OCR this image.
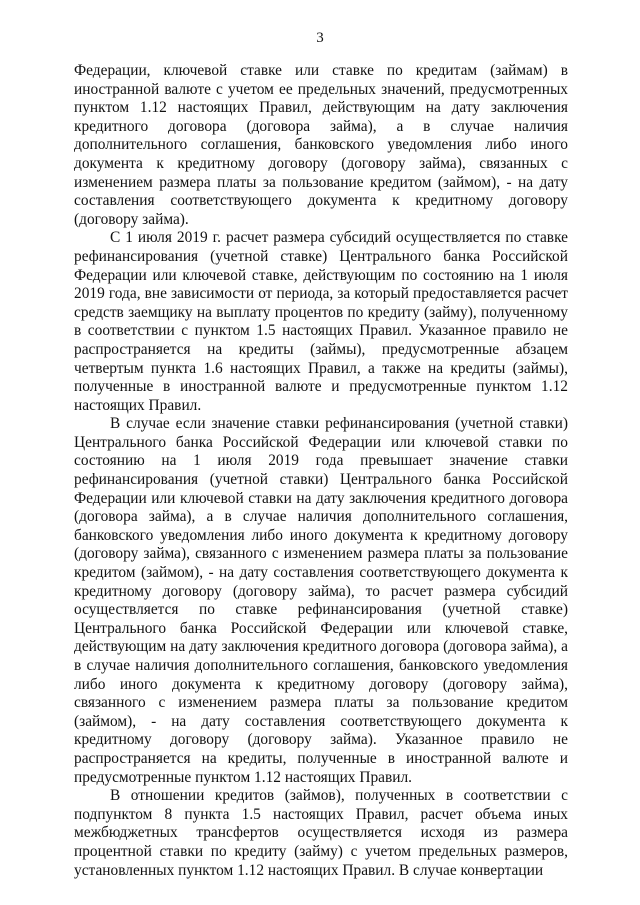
3

Федерации, ключевой ставке или ставке по кредитам (займам) в иностранной валюте с учетом ее предельных значений, предусмотренных пунктом 1.12 настоящих Правил, действующим на дату заключения кредитного договора (договора займа), а в случае наличия дополнительного соглашения, банковского уведомления либо иного документа к кредитному договору (договору займа), связанных с изменением размера платы за пользование кредитом (займом), - на дату составления соответствующего документа к кредитному договору (договору займа).

С 1 июля 2019 г. расчет размера субсидий осуществляется по ставке рефинансирования (учетной ставке) Центрального банка Российской Федерации или ключевой ставке, действующим по состоянию на 1 июля 2019 года, вне зависимости от периода, за который предоставляется расчет средств заемщику на выплату процентов по кредиту (займу), полученному в соответствии с пунктом 1.5 настоящих Правил. Указанное правило не распространяется на кредиты (займы), предусмотренные абзацем четвертым пункта 1.6 настоящих Правил, а также на кредиты (займы), полученные в иностранной валюте и предусмотренные пунктом 1.12 настоящих Правил.

В случае если значение ставки рефинансирования (учетной ставки) Центрального банка Российской Федерации или ключевой ставки по состоянию на 1 июля 2019 года превышает значение ставки рефинансирования (учетной ставки) Центрального банка Российской Федерации или ключевой ставки на дату заключения кредитного договора (договора займа), а в случае наличия дополнительного соглашения, банковского уведомления либо иного документа к кредитному договору (договору займа), связанного с изменением размера платы за пользование кредитом (займом), - на дату составления соответствующего документа к кредитному договору (договору займа), то расчет размера субсидий осуществляется по ставке рефинансирования (учетной ставке) Центрального банка Российской Федерации или ключевой ставке, действующим на дату заключения кредитного договора (договора займа), а в случае наличия дополнительного соглашения, банковского уведомления либо иного документа к кредитному договору (договору займа), связанного с изменением размера платы за пользование кредитом (займом), - на дату составления соответствующего документа к кредитному договору (договору займа). Указанное правило не распространяется на кредиты, полученные в иностранной валюте и предусмотренные пунктом 1.12 настоящих Правил.

В отношении кредитов (займов), полученных в соответствии с подпунктом 8 пункта 1.5 настоящих Правил, расчет объема иных межбюджетных трансфертов осуществляется исходя из размера процентной ставки по кредиту (займу) с учетом предельных размеров, установленных пунктом 1.12 настоящих Правил. В случае конвертации
